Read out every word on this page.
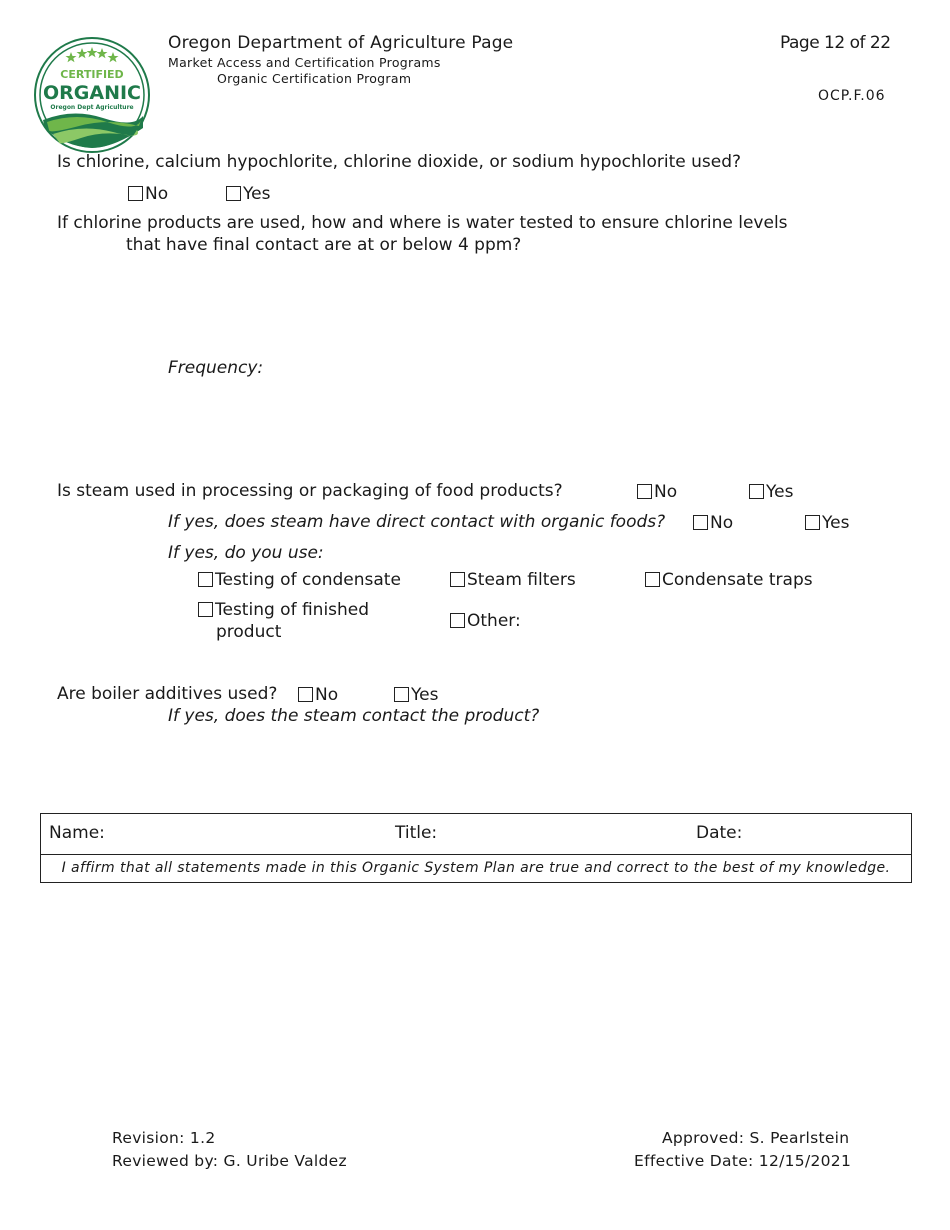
CERTIFIED
ORGANIC
Oregon Dept Agriculture
Oregon Department of Agriculture Page
Market Access and Certification Programs
Organic Certification Program
Page 12 of 22
OCP.F.06
Is chlorine, calcium hypochlorite, chlorine dioxide, or sodium hypochlorite used?
No	Yes
If chlorine products are used, how and where is water tested to ensure chlorine levels
that have final contact are at or below 4 ppm?
Frequency:
Is steam used in processing or packaging of food products?	No	Yes
If yes, does steam have direct contact with organic foods?	No	Yes
If yes, do you use:
Testing of condensate	Steam filters	Condensate traps
Testing of finished
product
Other:
Are boiler additives used?	No	Yes
If yes, does the steam contact the product?
Name:	Title:	Date:
I affirm that all statements made in this Organic System Plan are true and correct to the best of my knowledge.
Revision: 1.2
Reviewed by: G. Uribe Valdez
Approved: S. Pearlstein
Effective Date: 12/15/2021
